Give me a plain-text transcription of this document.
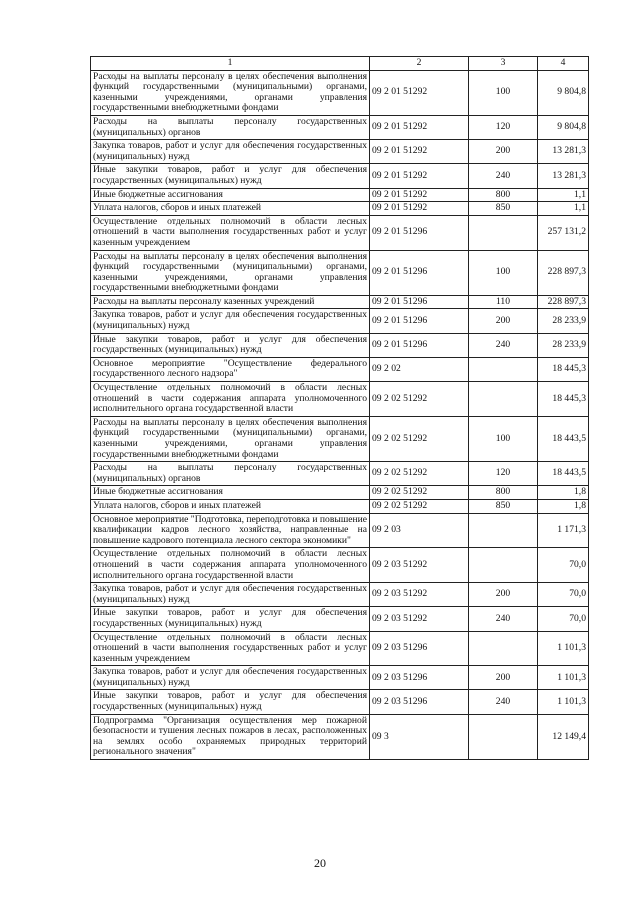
1	2	3	4
Расходы на выплаты персоналу в целях обеспечения выполнения функций государственными (муниципальными) органами, казенными учреждениями, органами управления государственными внебюджетными фондами	09 2 01 51292	100	9 804,8
Расходы на выплаты персоналу государственных (муниципальных) органов	09 2 01 51292	120	9 804,8
Закупка товаров, работ и услуг для обеспечения государственных (муниципальных) нужд	09 2 01 51292	200	13 281,3
Иные закупки товаров, работ и услуг для обеспечения государственных (муниципальных) нужд	09 2 01 51292	240	13 281,3
Иные бюджетные ассигнования	09 2 01 51292	800	1,1
Уплата налогов, сборов и иных платежей	09 2 01 51292	850	1,1
Осуществление отдельных полномочий в области лесных отношений в части выполнения государственных работ и услуг казенным учреждением	09 2 01 51296		257 131,2
Расходы на выплаты персоналу в целях обеспечения выполнения функций государственными (муниципальными) органами, казенными учреждениями, органами управления государственными внебюджетными фондами	09 2 01 51296	100	228 897,3
Расходы на выплаты персоналу казенных учреждений	09 2 01 51296	110	228 897,3
Закупка товаров, работ и услуг для обеспечения государственных (муниципальных) нужд	09 2 01 51296	200	28 233,9
Иные закупки товаров, работ и услуг для обеспечения государственных (муниципальных) нужд	09 2 01 51296	240	28 233,9
Основное мероприятие "Осуществление федерального государственного лесного надзора"	09 2 02		18 445,3
Осуществление отдельных полномочий в области лесных отношений в части содержания аппарата уполномоченного исполнительного органа государственной власти	09 2 02 51292		18 445,3
Расходы на выплаты персоналу в целях обеспечения выполнения функций государственными (муниципальными) органами, казенными учреждениями, органами управления государственными внебюджетными фондами	09 2 02 51292	100	18 443,5
Расходы на выплаты персоналу государственных (муниципальных) органов	09 2 02 51292	120	18 443,5
Иные бюджетные ассигнования	09 2 02 51292	800	1,8
Уплата налогов, сборов и иных платежей	09 2 02 51292	850	1,8
Основное мероприятие "Подготовка, переподготовка и повышение квалификации кадров лесного хозяйства, направленные на повышение кадрового потенциала лесного сектора экономики"	09 2 03		1 171,3
Осуществление отдельных полномочий в области лесных отношений в части содержания аппарата уполномоченного исполнительного органа государственной власти	09 2 03 51292		70,0
Закупка товаров, работ и услуг для обеспечения государственных (муниципальных) нужд	09 2 03 51292	200	70,0
Иные закупки товаров, работ и услуг для обеспечения государственных (муниципальных) нужд	09 2 03 51292	240	70,0
Осуществление отдельных полномочий в области лесных отношений в части выполнения государственных работ и услуг казенным учреждением	09 2 03 51296		1 101,3
Закупка товаров, работ и услуг для обеспечения государственных (муниципальных) нужд	09 2 03 51296	200	1 101,3
Иные закупки товаров, работ и услуг для обеспечения государственных (муниципальных) нужд	09 2 03 51296	240	1 101,3
Подпрограмма "Организация осуществления мер пожарной безопасности и тушения лесных пожаров в лесах, расположенных на землях особо охраняемых природных территорий регионального значения"	09 3		12 149,4
20
